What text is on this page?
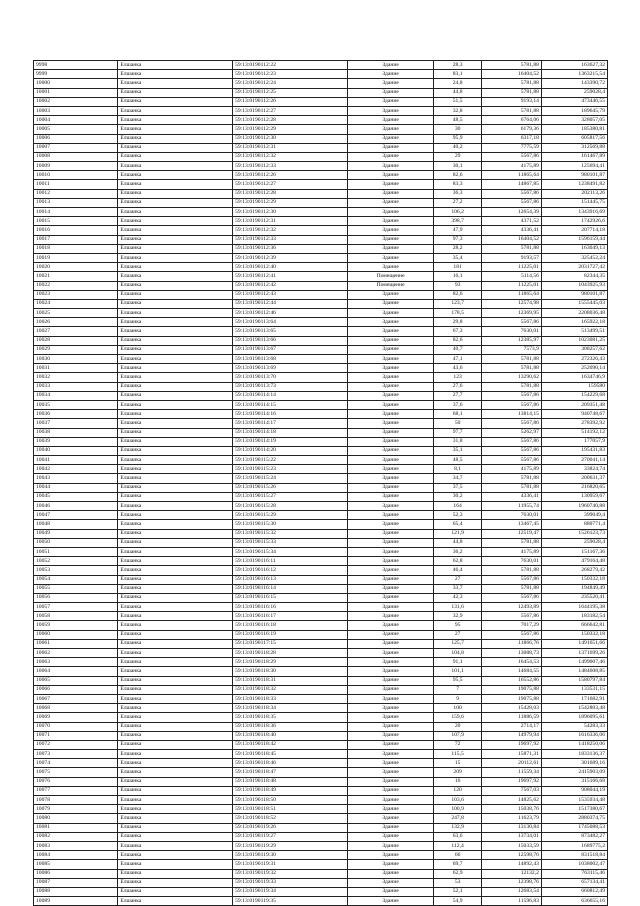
9998	Елшанка	59:13:0190112:22	Здание	28,3	5781,88	163627,32
9999	Елшанка	59:13:0190112:23	Здание	83,1	16404,52	1363215,54
10000	Елшанка	59:13:0190112:24	Здание	24,8	5781,88	143390,72
10001	Елшанка	59:13:0190112:25	Здание	44,8	5781,88	259028,4
10002	Елшанка	59:13:0190112:26	Здание	51,5	9193,14	473446,55
10003	Елшанка	59:13:0190112:27	Здание	32,8	5781,88	189645,79
10004	Елшанка	59:13:0190112:28	Здание	48,5	6764,06	328057,05
10005	Елшанка	59:13:0190112:29	Здание	30	6179,36	185380,81
10006	Елшанка	59:13:0190112:30	Здание	95,9	6317,18	605817,56
10007	Елшанка	59:13:0190112:31	Здание	40,2	7775,59	312569,88
10008	Елшанка	59:13:0190112:32	Здание	29	5567,86	161467,89
10009	Елшанка	59:13:0190112:33	Здание	30,1	4175,89	125694,41
10010	Елшанка	59:13:0190112:26	Здание	82,6	11865,64	980101,87
10011	Елшанка	59:13:0190112:27	Здание	83,3	14867,85	1238491,82
10012	Елшанка	59:13:0190112:28	Здание	36,3	5567,86	202113,26
10013	Елшанка	59:13:0190112:29	Здание	27,2	5567,86	151445,75
10014	Елшанка	59:13:0190112:30	Здание	106,2	12654,39	1343916,69
10015	Елшанка	59:13:0190112:31	Здание	398,7	4371,52	1742926,6
10016	Елшанка	59:13:0190112:32	Здание	47,9	4336,41	207714,18
10017	Елшанка	59:13:0190112:33	Здание	97,3	16404,52	1596159,44
10018	Елшанка	59:13:0190112:36	Здание	28,2	5781,88	163049,13
10019	Елшанка	59:13:0190112:39	Здание	35,4	9193,57	325452,24
10020	Елшанка	59:13:0190112:40	Здание	181	11225,01	2031727,42
10021	Елшанка	59:13:0190112:41	Помещение	16,1	5114,56	82344,35
10022	Елшанка	59:13:0190112:42	Помещение	93	11225,01	1043925,93
10023	Елшанка	59:13:0190112:43	Здание	82,6	11865,64	980101,87
10024	Елшанка	59:13:0190112:44	Здание	123,7	12574,98	1555445,03
10025	Елшанка	59:13:0190112:46	Здание	178,5	12369,95	2208036,48
10026	Елшанка	59:13:0190113:64	Здание	29,8	5567,86	165922,18
10027	Елшанка	59:13:0190113:65	Здание	67,3	7630,01	513499,51
10028	Елшанка	59:13:0190113:66	Здание	82,6	12385,97	1023081,25
10029	Елшанка	59:13:0190113:67	Здание	40,7	7573,9	308257,62
10030	Елшанка	59:13:0190113:68	Здание	47,1	5781,88	272326,43
10031	Елшанка	59:13:0190113:69	Здание	43,6	5781,88	252090,14
10032	Елшанка	59:13:0190113:70	Здание	123	13290,62	1634746,9
10033	Елшанка	59:13:0190113:73	Здание	27,6	5781,88	159580
10034	Елшанка	59:13:0190114:14	Здание	27,7	5567,86	154229,68
10035	Елшанка	59:13:0190114:15	Здание	37,6	5567,86	209351,48
10036	Елшанка	59:13:0190114:16	Здание	68,1	13814,15	940748,67
10037	Елшанка	59:13:0190114:17	Здание	50	5567,86	278392,92
10038	Елшанка	59:13:0190114:18	Здание	97,7	5262,97	514192,12
10039	Елшанка	59:13:0190114:19	Здание	31,8	5567,86	177057,9
10040	Елшанка	59:13:0190114:20	Здание	35,1	5567,86	195431,83
10041	Елшанка	59:13:0190115:22	Здание	48,5	5567,86	270041,14
10042	Елшанка	59:13:0190115:23	Здание	8,1	4175,89	33824,74
10043	Елшанка	59:13:0190115:24	Здание	34,7	5781,88	200631,37
10044	Елшанка	59:13:0190115:26	Здание	37,5	5781,88	216820,65
10045	Елшанка	59:13:0190115:27	Здание	30,2	4336,41	130959,67
10046	Елшанка	59:13:0190115:28	Здание	164	11955,74	1960740,88
10047	Елшанка	59:13:0190115:29	Здание	52,3	7630,01	399049,4
10048	Елшанка	59:13:0190115:30	Здание	65,4	13467,45	880771,4
10049	Елшанка	59:13:0190115:32	Здание	121,9	12519,47	1526123,73
10050	Елшанка	59:13:0190115:33	Здание	44,8	5781,88	259028,4
10051	Елшанка	59:13:0190115:34	Здание	36,2	4175,89	151167,36
10052	Елшанка	59:13:0190116:11	Здание	62,8	7630,01	479164,48
10053	Елшанка	59:13:0190116:12	Здание	46,4	5781,88	268279,42
10054	Елшанка	59:13:0190116:13	Здание	27	5567,86	150332,18
10055	Елшанка	59:13:0190116:14	Здание	33,7	5781,88	194849,49
10056	Елшанка	59:13:0190116:15	Здание	42,3	5567,86	235520,41
10057	Елшанка	59:13:0190116:16	Здание	131,6	12493,89	1644195,38
10058	Елшанка	59:13:0190116:17	Здание	32,9	5567,86	183182,54
10059	Елшанка	59:13:0190116:18	Здание	95	7017,29	666642,81
10060	Елшанка	59:13:0190116:19	Здание	27	5567,86	150332,18
10061	Елшанка	59:13:0190117:15	Здание	125,7	11866,76	1491651,66
10062	Елшанка	59:13:0190118:28	Здание	104,8	13088,73	1371699,26
10063	Елшанка	59:13:0190118:29	Здание	91,1	16454,53	1499007,46
10064	Елшанка	59:13:0190118:30	Здание	101,1	14684,55	1484608,85
10065	Елшанка	59:13:0190118:31	Здание	95,5	16552,86	1580797,84
10066	Елшанка	59:13:0190118:32	Здание	7	19075,88	133531,15
10067	Елшанка	59:13:0190118:33	Здание	9	19075,88	171682,91
10068	Елшанка	59:13:0190118:34	Здание	100	15428,03	1542803,48
10069	Елшанка	59:13:0190118:35	Здание	159,6	11886,59	1896095,61
10070	Елшанка	59:13:0190118:36	Здание	20	2714,17	54283,33
10071	Елшанка	59:13:0190118:40	Здание	107,9	14979,94	1616336,06
10072	Елшанка	59:13:0190118:42	Здание	72	19697,92	1418250,06
10073	Елшанка	59:13:0190118:45	Здание	115,5	15871,31	1833136,37
10074	Елшанка	59:13:0190118:46	Здание	15	20112,61	301689,16
10075	Елшанка	59:13:0190118:47	Здание	209	11559,34	2415903,09
10076	Елшанка	59:13:0190118:48	Здание	16	19697,92	315166,68
10077	Елшанка	59:13:0190118:49	Здание	120	7567,03	908044,19
10078	Елшанка	59:13:0190118:50	Здание	103,6	14825,62	1535934,48
10079	Елшанка	59:13:0190118:51	Здание	100,9	15038,76	1517380,67
10080	Елшанка	59:13:0190118:52	Здание	247,8	11623,79	2880374,75
10081	Елшанка	59:13:0190119:26	Здание	132,9	13130,84	1745088,53
10082	Елшанка	59:13:0190119:27	Здание	63,6	13734,01	873482,27
10083	Елшанка	59:13:0190119:29	Здание	112,4	15033,59	1689775,2
10084	Елшанка	59:13:0190119:30	Здание	66	12598,76	831518,84
10085	Елшанка	59:13:0190119:31	Здание	69,7	14892,43	1038002,47
10086	Елшанка	59:13:0190119:32	Здание	62,9	12132,2	763115,46
10087	Елшанка	59:13:0190119:33	Здание	53	12398,76	657134,41
10088	Елшанка	59:13:0190119:34	Здание	52,1	12683,54	660812,49
10089	Елшанка	59:13:0190119:35	Здание	54,9	11596,83	636655,16
